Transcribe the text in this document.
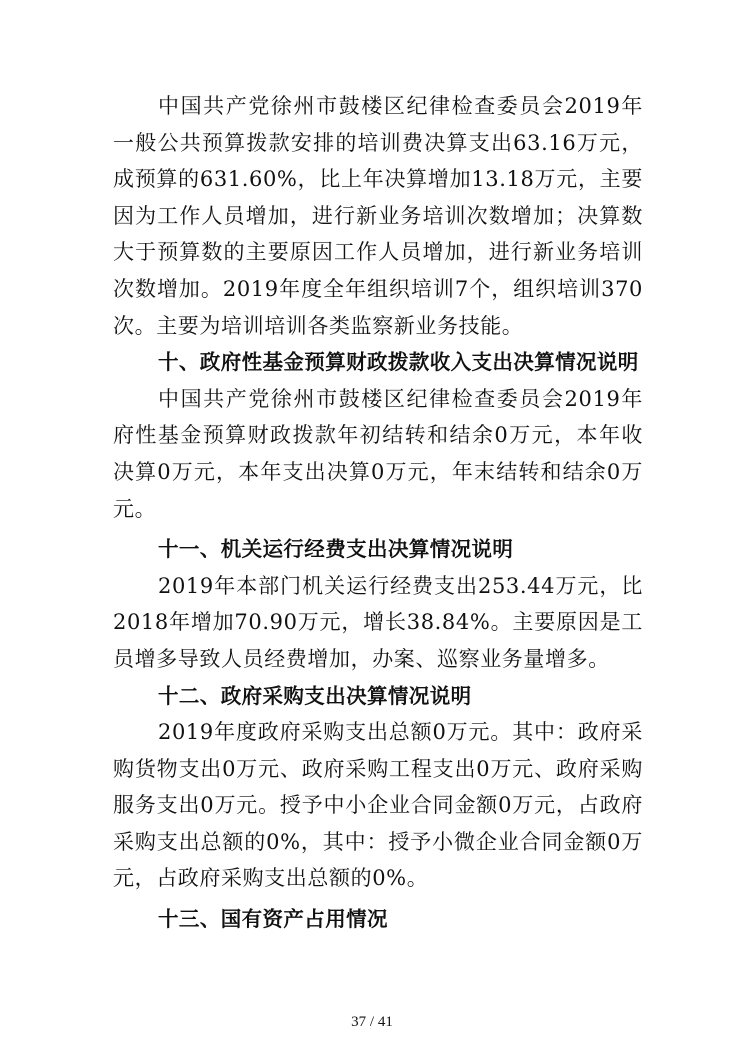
中国共产党徐州市鼓楼区纪律检查委员会2019年
一般公共预算拨款安排的培训费决算支出63.16万元，
成预算的631.60%，比上年决算增加13.18万元，主要
因为工作人员增加，进行新业务培训次数增加；决算数
大于预算数的主要原因工作人员增加，进行新业务培训
次数增加。2019年度全年组织培训7个，组织培训370
次。主要为培训培训各类监察新业务技能。
十、政府性基金预算财政拨款收入支出决算情况说明
中国共产党徐州市鼓楼区纪律检查委员会2019年
府性基金预算财政拨款年初结转和结余0万元，本年收
决算0万元，本年支出决算0万元，年末结转和结余0万
元。
十一、机关运行经费支出决算情况说明
2019年本部门机关运行经费支出253.44万元，比
2018年增加70.90万元，增长38.84%。主要原因是工
员增多导致人员经费增加，办案、巡察业务量增多。
十二、政府采购支出决算情况说明
2019年度政府采购支出总额0万元。其中：政府采
购货物支出0万元、政府采购工程支出0万元、政府采购
服务支出0万元。授予中小企业合同金额0万元，占政府
采购支出总额的0%，其中：授予小微企业合同金额0万
元，占政府采购支出总额的0%。
十三、国有资产占用情况
37 / 41
